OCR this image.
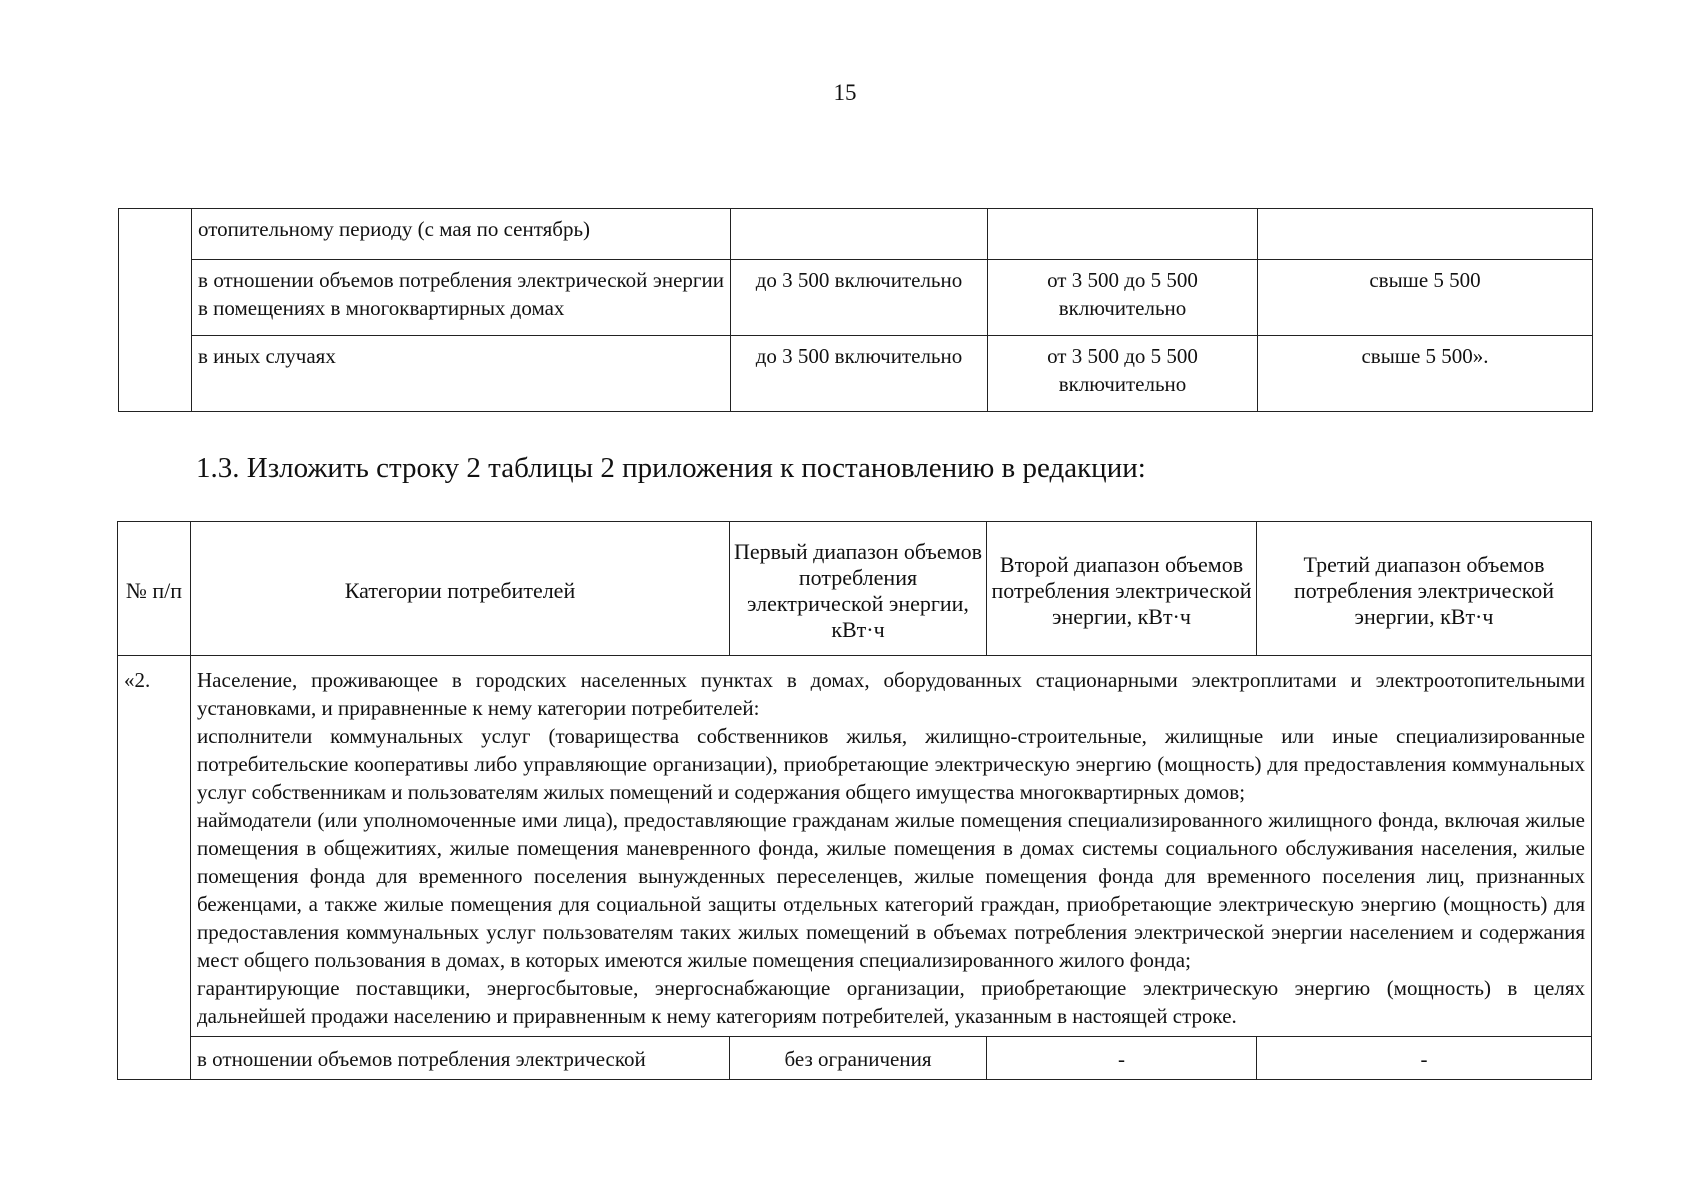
15
	отопительному периоду (с мая по сентябрь)			
	в отношении объемов потребления электрической энергии в помещениях в многоквартирных домах	до 3 500 включительно	от 3 500 до 5 500 включительно	свыше 5 500
	в иных случаях	до 3 500 включительно	от 3 500 до 5 500 включительно	свыше 5 500».
1.3. Изложить строку 2 таблицы 2 приложения к постановлению в редакции:
№ п/п	Категории потребителей	Первый диапазон объемов потребления электрической энергии, кВт·ч	Второй диапазон объемов потребления электрической энергии, кВт·ч	Третий диапазон объемов потребления электрической энергии, кВт·ч
«2.	Население, проживающее в городских населенных пунктах в домах, оборудованных стационарными электроплитами и электроотопительными установками, и приравненные к нему категории потребителей:

исполнители коммунальных услуг (товарищества собственников жилья, жилищно-строительные, жилищные или иные специализированные потребительские кооперативы либо управляющие организации), приобретающие электрическую энергию (мощность) для предоставления коммунальных услуг собственникам и пользователям жилых помещений и содержания общего имущества многоквартирных домов;

наймодатели (или уполномоченные ими лица), предоставляющие гражданам жилые помещения специализированного жилищного фонда, включая жилые помещения в общежитиях, жилые помещения маневренного фонда, жилые помещения в домах системы социального обслуживания населения, жилые помещения фонда для временного поселения вынужденных переселенцев, жилые помещения фонда для временного поселения лиц, признанных беженцами, а также жилые помещения для социальной защиты отдельных категорий граждан, приобретающие электрическую энергию (мощность) для предоставления коммунальных услуг пользователям таких жилых помещений в объемах потребления электрической энергии населением и содержания мест общего пользования в домах, в которых имеются жилые помещения специализированного жилого фонда;

гарантирующие поставщики, энергосбытовые, энергоснабжающие организации, приобретающие электрическую энергию (мощность) в целях дальнейшей продажи населению и приравненным к нему категориям потребителей, указанным в настоящей строке.			

	в отношении объемов потребления электрической	без ограничения	-	-
